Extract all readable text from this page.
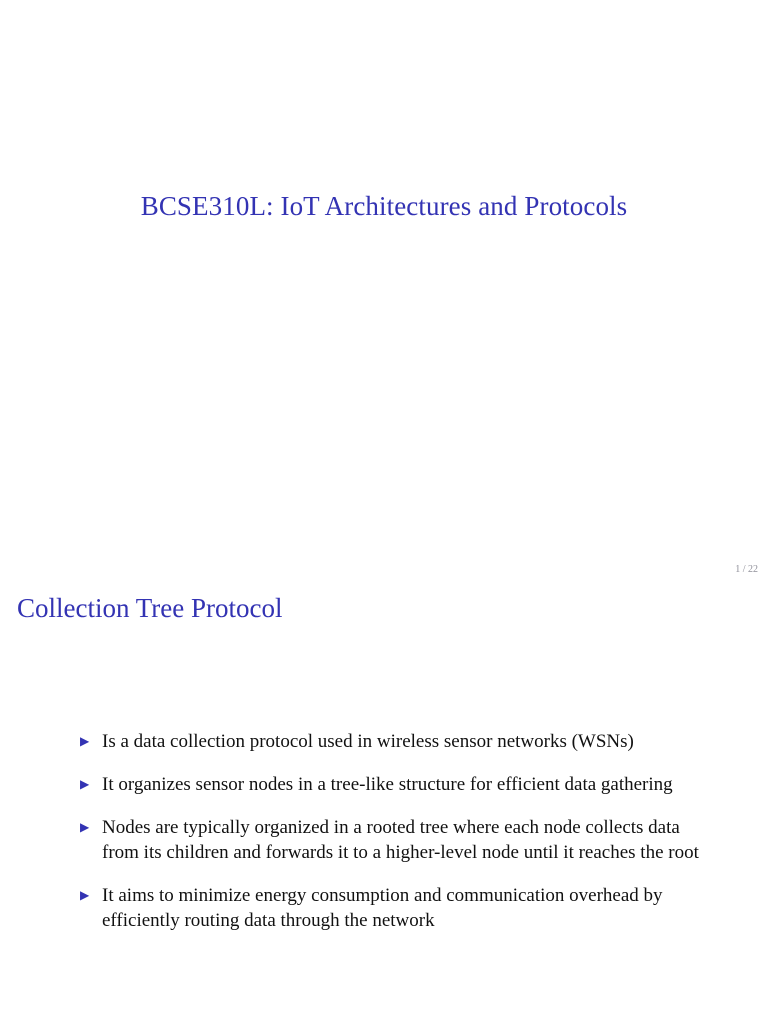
BCSE310L: IoT Architectures and Protocols
1 / 22
Collection Tree Protocol
▶ Is a data collection protocol used in wireless sensor networks (WSNs)
▶ It organizes sensor nodes in a tree-like structure for efficient data gathering
▶ Nodes are typically organized in a rooted tree where each node collects data from its children and forwards it to a higher-level node until it reaches the root
▶ It aims to minimize energy consumption and communication overhead by efficiently routing data through the network
